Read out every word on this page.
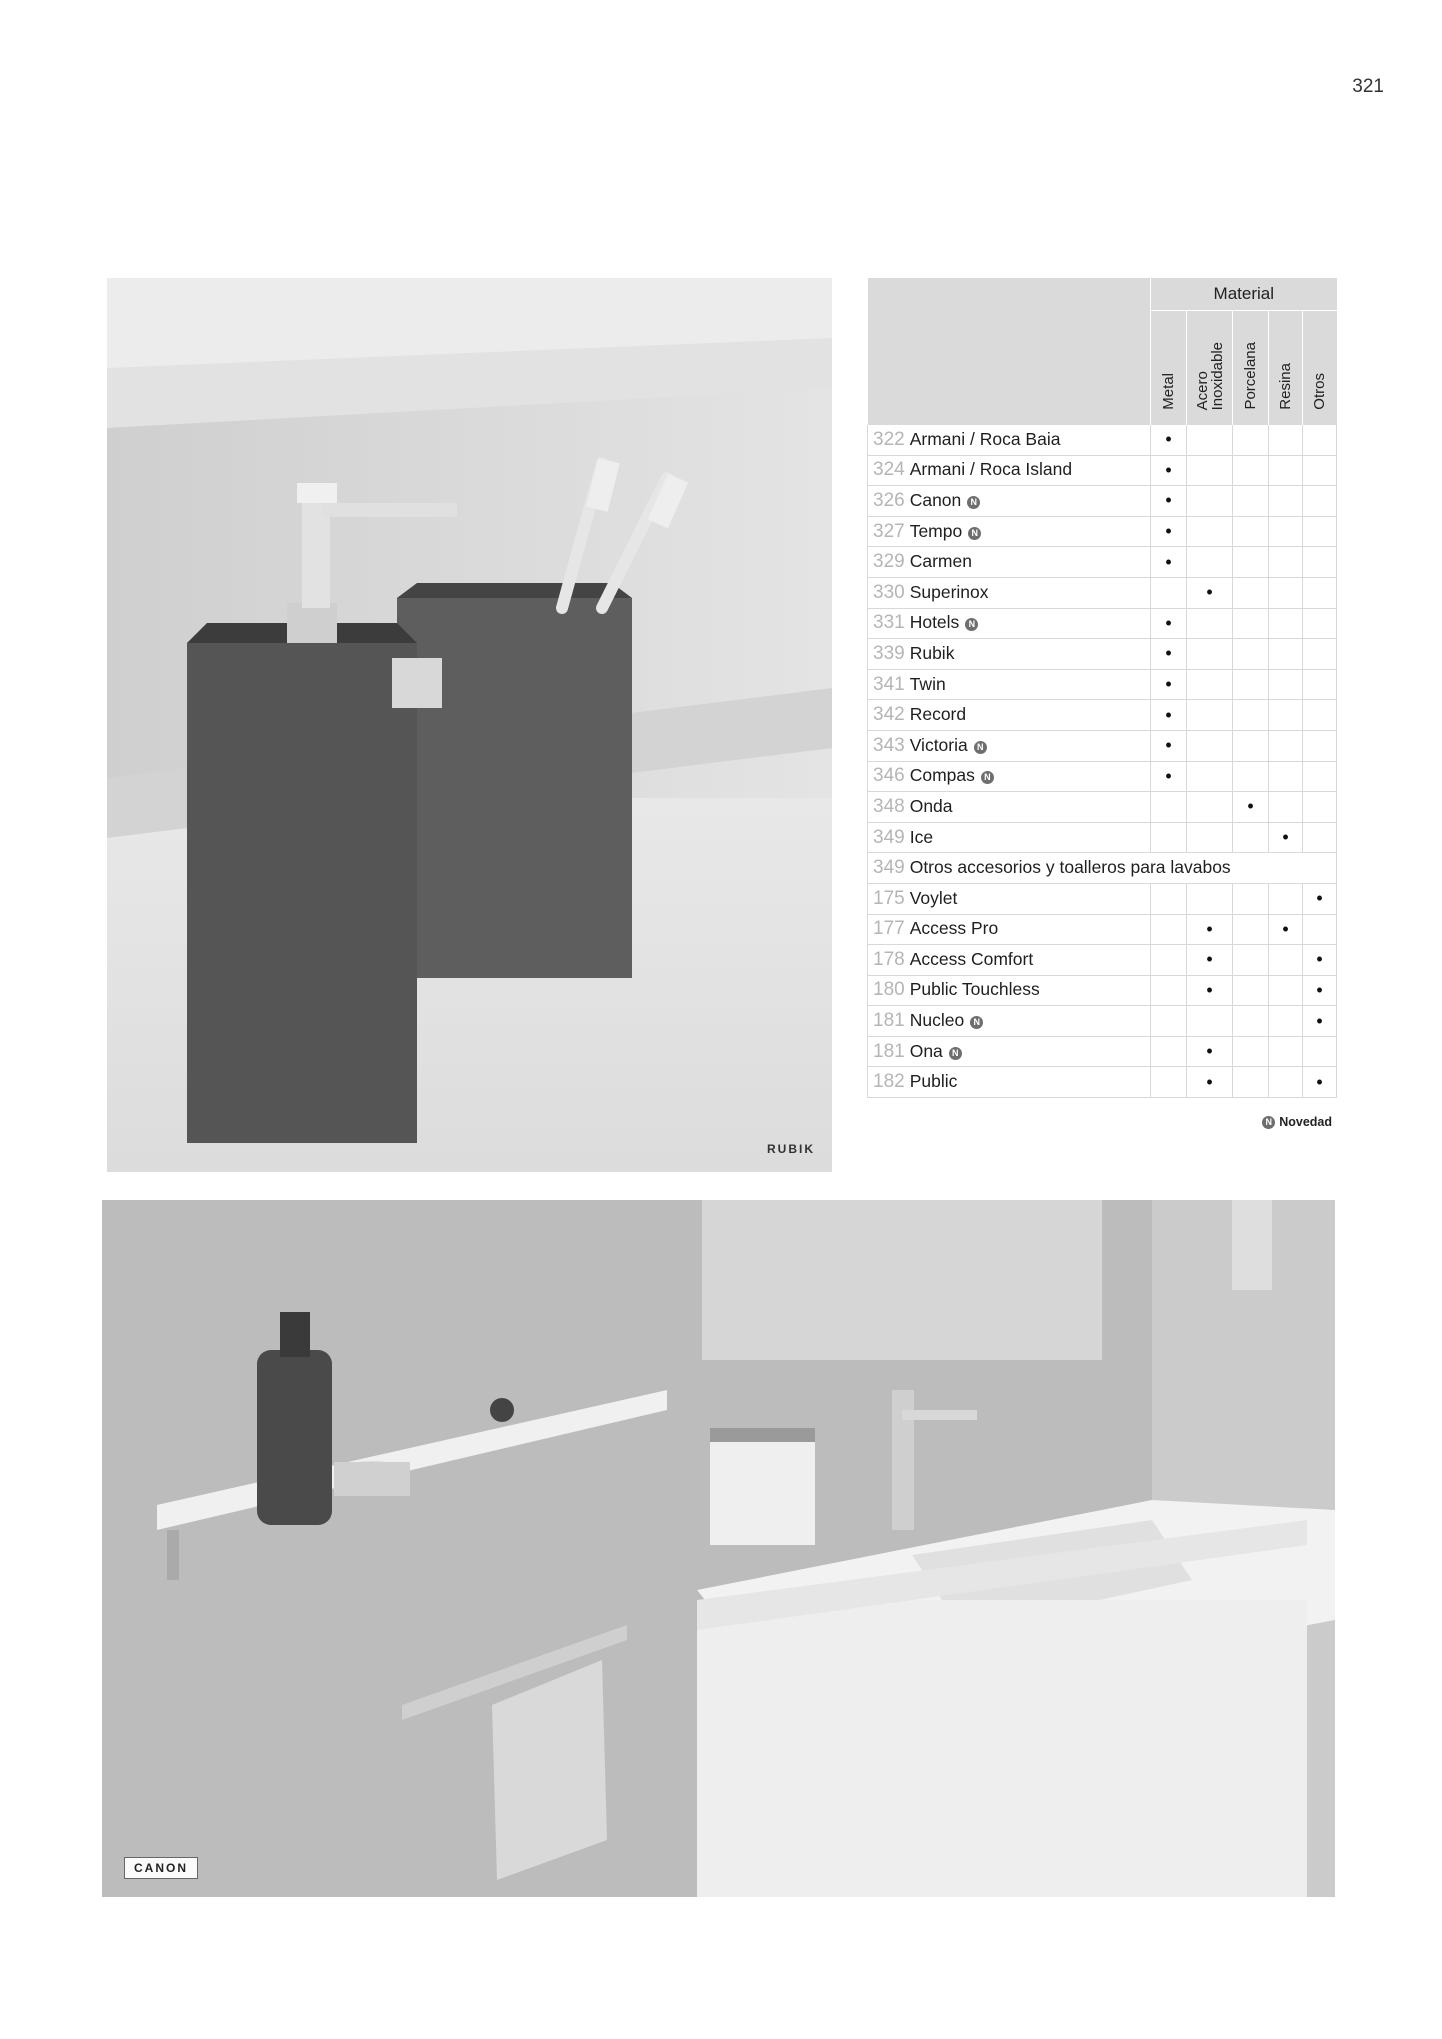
321
RUBIK
	Material				
	Metal	Acero
Inoxidable	Porcelana	Resina	Otros
322 Armani / Roca Baia	•				
324 Armani / Roca Island	•				
326 Canon N	•				
327 Tempo N	•				
329 Carmen	•				
330 Superinox		•			
331 Hotels N	•				
339 Rubik	•				
341 Twin	•				
342 Record	•				
343 Victoria N	•				
346 Compas N	•				
348 Onda			•		
349 Ice				•	
349 Otros accesorios y toalleros para lavabos					
175 Voylet					•
177 Access Pro		•		•	
178 Access Comfort		•			•
180 Public Touchless		•			•
181 Nucleo N					•
181 Ona N		•			
182 Public		•			•
N Novedad
CANON
